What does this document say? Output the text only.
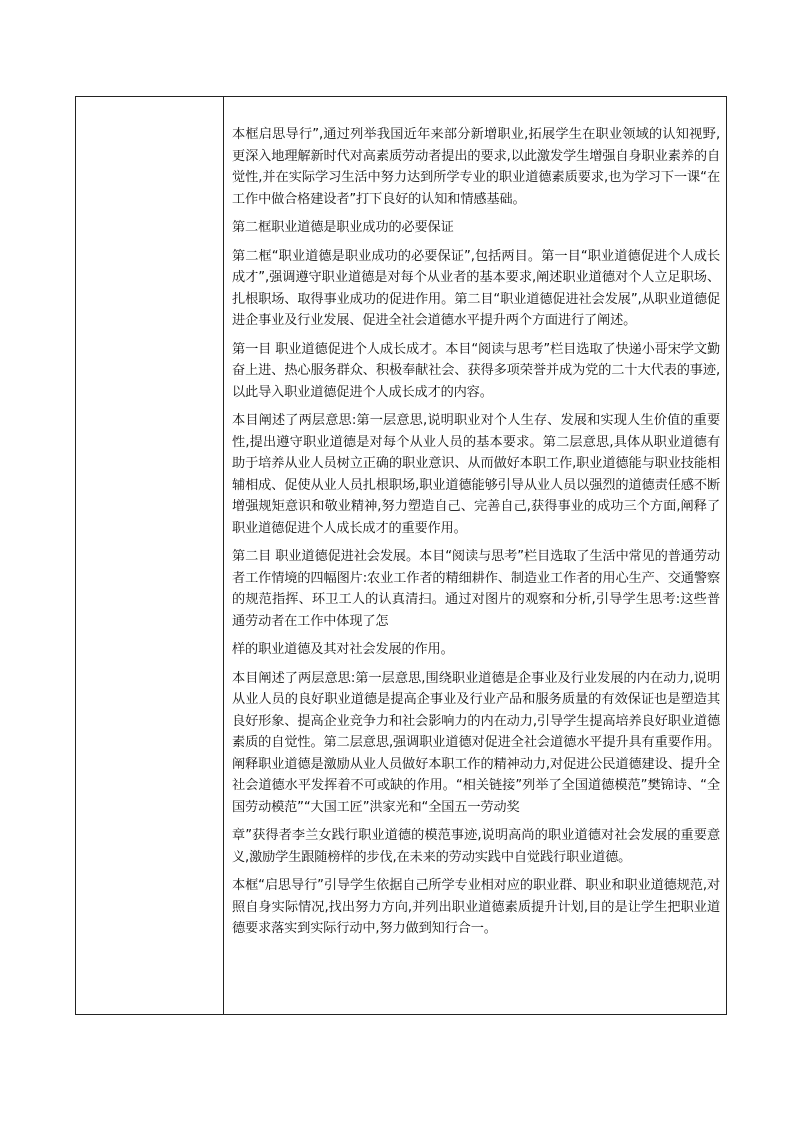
本框启思导行”,通过列举我国近年来部分新增职业,拓展学生在职业领域的认知视野,更深入地理解新时代对高素质劳动者提出的要求,以此激发学生增强自身职业素养的自觉性,并在实际学习生活中努力达到所学专业的职业道德素质要求,也为学习下一课“在工作中做合格建设者”打下良好的认知和情感基础。

第二框职业道德是职业成功的必要保证

第二框“职业道德是职业成功的必要保证”,包括两目。第一目“职业道德促进个人成长成才”,强调遵守职业道德是对每个从业者的基本要求,阐述职业道德对个人立足职场、扎根职场、取得事业成功的促进作用。第二目“职业道德促进社会发展”,从职业道德促进企事业及行业发展、促进全社会道德水平提升两个方面进行了阐述。

第一目 职业道德促进个人成长成才。本目“阅读与思考”栏目选取了快递小哥宋学文勤奋上进、热心服务群众、积极奉献社会、获得多项荣誉并成为党的二十大代表的事迹,以此导入职业道德促进个人成长成才的内容。

本目阐述了两层意思:第一层意思,说明职业对个人生存、发展和实现人生价值的重要性,提出遵守职业道德是对每个从业人员的基本要求。第二层意思,具体从职业道德有助于培养从业人员树立正确的职业意识、从而做好本职工作,职业道德能与职业技能相辅相成、促使从业人员扎根职场,职业道德能够引导从业人员以强烈的道德责任感不断增强规矩意识和敬业精神,努力塑造自己、完善自己,获得事业的成功三个方面,阐释了职业道德促进个人成长成才的重要作用。

第二目 职业道德促进社会发展。本目“阅读与思考”栏目选取了生活中常见的普通劳动者工作情境的四幅图片:农业工作者的精细耕作、制造业工作者的用心生产、交通警察的规范指挥、环卫工人的认真清扫。通过对图片的观察和分析,引导学生思考:这些普通劳动者在工作中体现了怎

样的职业道德及其对社会发展的作用。

本目阐述了两层意思:第一层意思,围绕职业道德是企事业及行业发展的内在动力,说明从业人员的良好职业道德是提高企事业及行业产品和服务质量的有效保证也是塑造其良好形象、提高企业竞争力和社会影响力的内在动力,引导学生提高培养良好职业道德素质的自觉性。第二层意思,强调职业道德对促进全社会道德水平提升具有重要作用。阐释职业道德是激励从业人员做好本职工作的精神动力,对促进公民道德建设、提升全社会道德水平发挥着不可或缺的作用。“相关链接”列举了全国道德模范”樊锦诗、“全国劳动模范”“大国工匠”洪家光和“全国五一劳动奖

章”获得者李兰女践行职业道德的模范事迹,说明高尚的职业道德对社会发展的重要意义,激励学生跟随榜样的步伐,在未来的劳动实践中自觉践行职业道德。

本框“启思导行”引导学生依据自己所学专业相对应的职业群、职业和职业道德规范,对照自身实际情况,找出努力方向,并列出职业道德素质提升计划,目的是让学生把职业道德要求落实到实际行动中,努力做到知行合一。
